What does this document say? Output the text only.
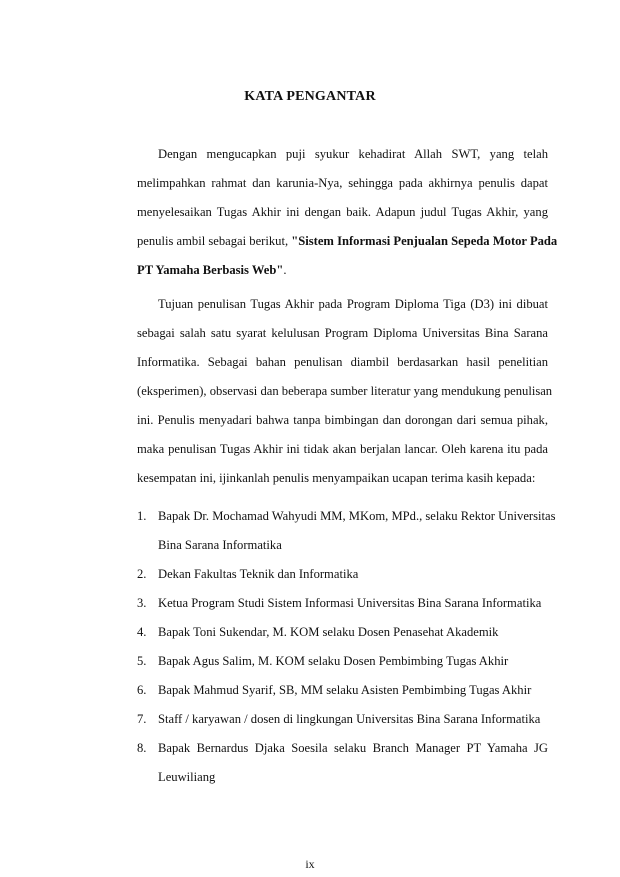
KATA PENGANTAR
Dengan mengucapkan puji syukur kehadirat Allah SWT, yang telah
melimpahkan rahmat dan karunia-Nya, sehingga pada akhirnya penulis dapat
menyelesaikan Tugas Akhir ini dengan baik. Adapun judul Tugas Akhir, yang
penulis ambil sebagai berikut, "Sistem Informasi Penjualan Sepeda Motor Pada
PT Yamaha Berbasis Web".
Tujuan penulisan Tugas Akhir pada Program Diploma Tiga (D3) ini dibuat
sebagai salah satu syarat kelulusan Program Diploma Universitas Bina Sarana
Informatika. Sebagai bahan penulisan diambil berdasarkan hasil penelitian
(eksperimen), observasi dan beberapa sumber literatur yang mendukung penulisan
ini. Penulis menyadari bahwa tanpa bimbingan dan dorongan dari semua pihak,
maka penulisan Tugas Akhir ini tidak akan berjalan lancar. Oleh karena itu pada
kesempatan ini, ijinkanlah penulis menyampaikan ucapan terima kasih kepada:
1. Bapak Dr. Mochamad Wahyudi MM, MKom, MPd., selaku Rektor Universitas
Bina Sarana Informatika
2. Dekan Fakultas Teknik dan Informatika
3. Ketua Program Studi Sistem Informasi Universitas Bina Sarana Informatika
4. Bapak Toni Sukendar, M. KOM selaku Dosen Penasehat Akademik
5. Bapak Agus Salim, M. KOM selaku Dosen Pembimbing Tugas Akhir
6. Bapak Mahmud Syarif, SB, MM selaku Asisten Pembimbing Tugas Akhir
7. Staff / karyawan / dosen di lingkungan Universitas Bina Sarana Informatika
8. Bapak Bernardus Djaka Soesila selaku Branch Manager PT Yamaha JG
Leuwiliang
ix
